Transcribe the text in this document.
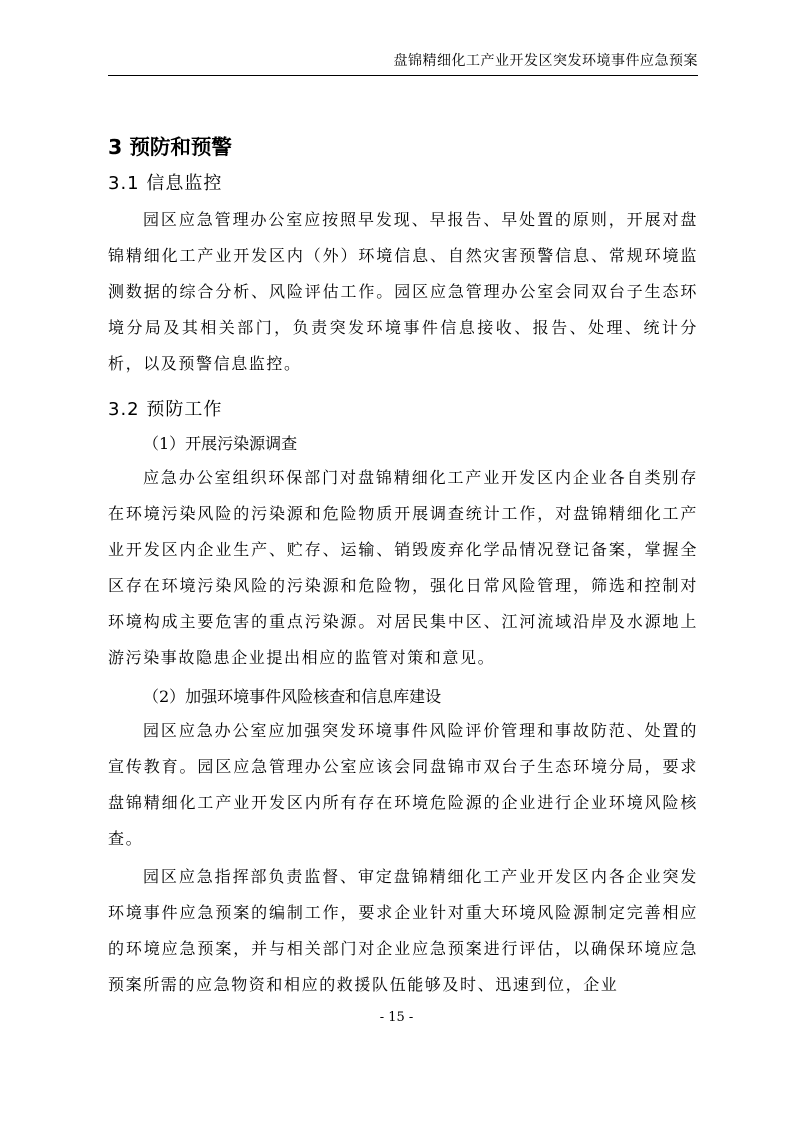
盘锦精细化工产业开发区突发环境事件应急预案
3 预防和预警
3.1 信息监控

园区应急管理办公室应按照早发现、早报告、早处置的原则，开展对盘锦精细化工产业开发区内（外）环境信息、自然灾害预警信息、常规环境监测数据的综合分析、风险评估工作。园区应急管理办公室会同双台子生态环境分局及其相关部门，负责突发环境事件信息接收、报告、处理、统计分析，以及预警信息监控。

3.2 预防工作
（1）开展污染源调查

应急办公室组织环保部门对盘锦精细化工产业开发区内企业各自类别存在环境污染风险的污染源和危险物质开展调查统计工作，对盘锦精细化工产业开发区内企业生产、贮存、运输、销毁废弃化学品情况登记备案，掌握全区存在环境污染风险的污染源和危险物，强化日常风险管理，筛选和控制对环境构成主要危害的重点污染源。对居民集中区、江河流域沿岸及水源地上游污染事故隐患企业提出相应的监管对策和意见。

（2）加强环境事件风险核查和信息库建设

园区应急办公室应加强突发环境事件风险评价管理和事故防范、处置的宣传教育。园区应急管理办公室应该会同盘锦市双台子生态环境分局，要求盘锦精细化工产业开发区内所有存在环境危险源的企业进行企业环境风险核查。

园区应急指挥部负责监督、审定盘锦精细化工产业开发区内各企业突发环境事件应急预案的编制工作，要求企业针对重大环境风险源制定完善相应的环境应急预案，并与相关部门对企业应急预案进行评估，以确保环境应急预案所需的应急物资和相应的救援队伍能够及时、迅速到位，企业

- 15 -
